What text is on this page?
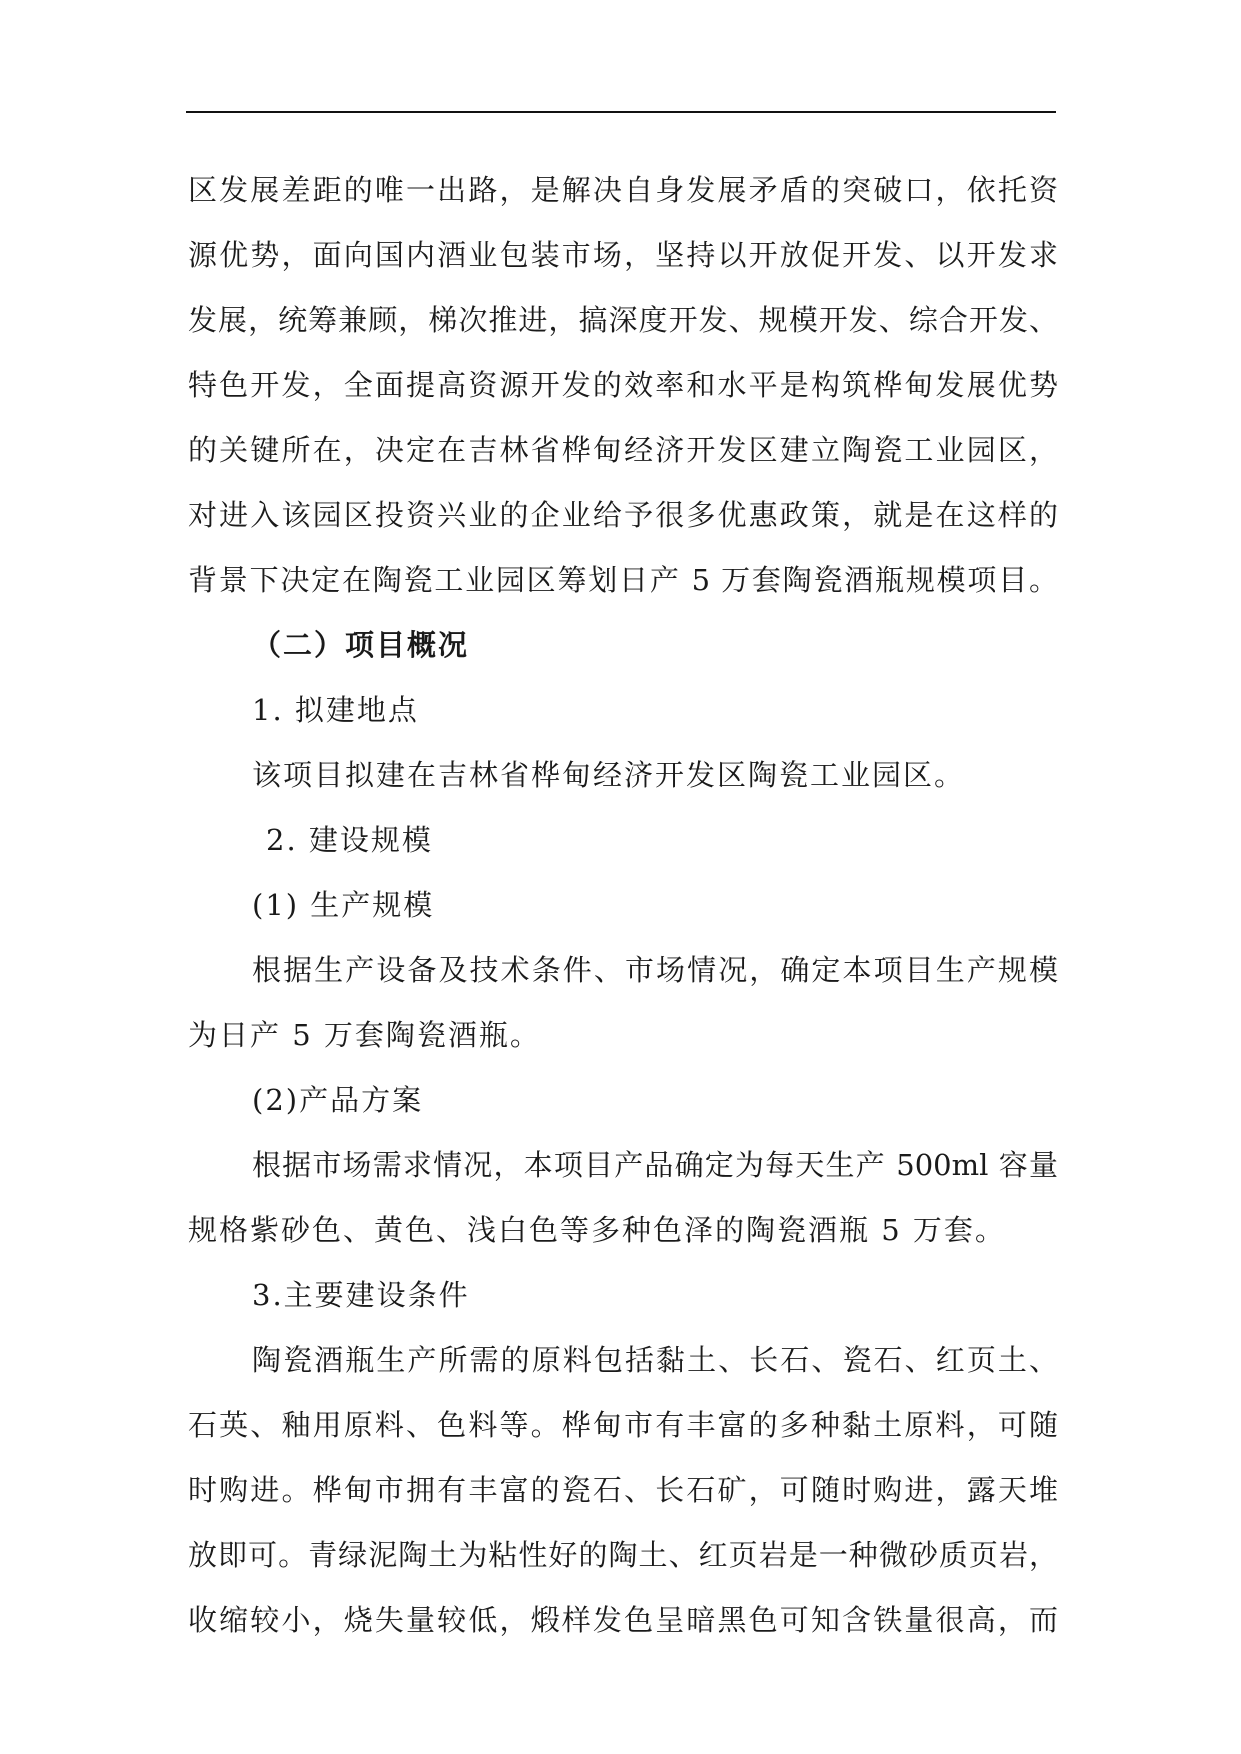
区发展差距的唯一出路，是解决自身发展矛盾的突破口，依托资
源优势，面向国内酒业包装市场，坚持以开放促开发、以开发求
发展，统筹兼顾，梯次推进，搞深度开发、规模开发、综合开发、
特色开发，全面提高资源开发的效率和水平是构筑桦甸发展优势
的关键所在，决定在吉林省桦甸经济开发区建立陶瓷工业园区，
对进入该园区投资兴业的企业给予很多优惠政策，就是在这样的
背景下决定在陶瓷工业园区筹划日产 5 万套陶瓷酒瓶规模项目。
（二）项目概况
1. 拟建地点
该项目拟建在吉林省桦甸经济开发区陶瓷工业园区。
2. 建设规模
(1) 生产规模
根据生产设备及技术条件、市场情况，确定本项目生产规模
为日产 5 万套陶瓷酒瓶。
(2)产品方案
根据市场需求情况，本项目产品确定为每天生产 500ml 容量
规格紫砂色、黄色、浅白色等多种色泽的陶瓷酒瓶 5 万套。
3.主要建设条件
陶瓷酒瓶生产所需的原料包括黏土、长石、瓷石、红页土、
石英、釉用原料、色料等。桦甸市有丰富的多种黏土原料，可随
时购进。桦甸市拥有丰富的瓷石、长石矿，可随时购进，露天堆
放即可。青绿泥陶土为粘性好的陶土、红页岩是一种微砂质页岩，
收缩较小，烧失量较低，煅样发色呈暗黑色可知含铁量很高，而
